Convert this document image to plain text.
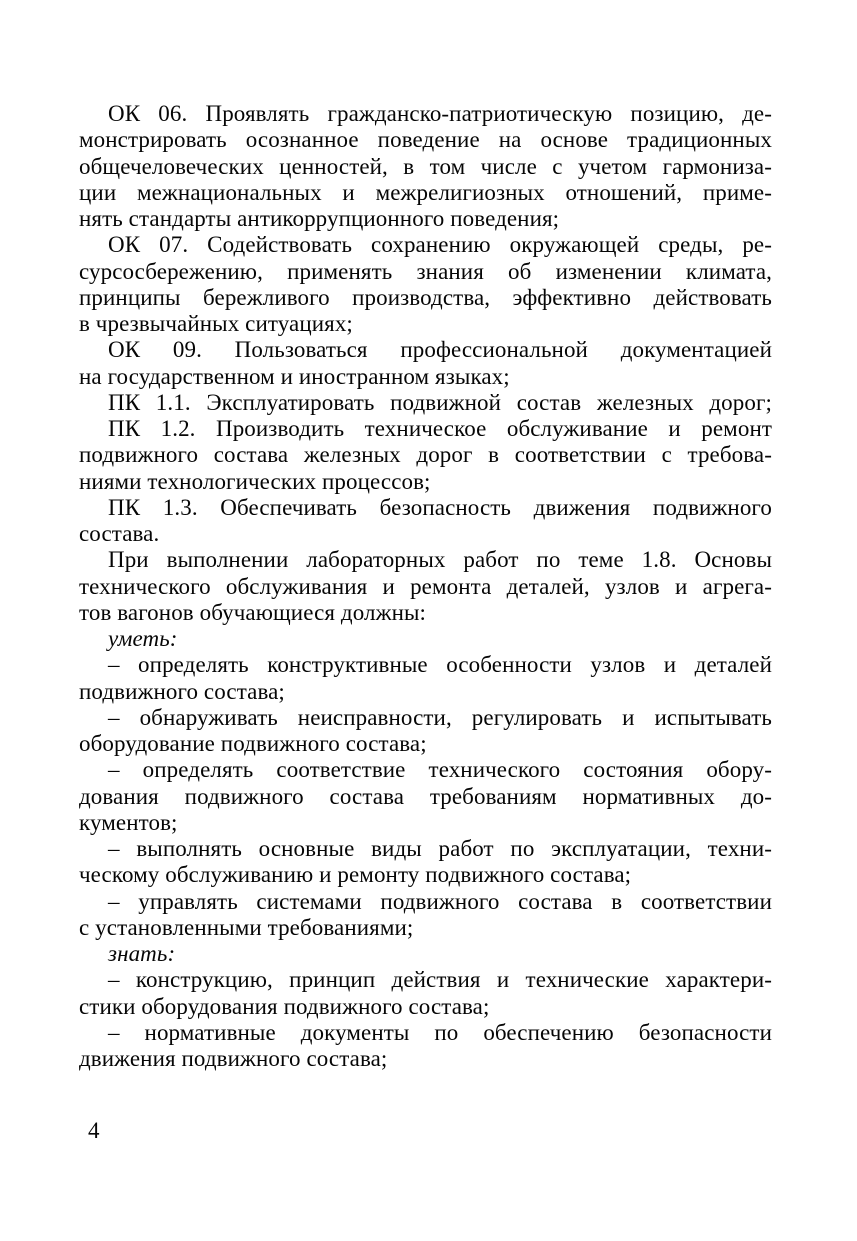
ОК 06. Проявлять гражданско-патриотическую позицию, де-
монстрировать осознанное поведение на основе традиционных
общечеловеческих ценностей, в том числе с учетом гармониза-
ции межнациональных и межрелигиозных отношений, приме-
нять стандарты антикоррупционного поведения;

ОК 07. Содействовать сохранению окружающей среды, ре-
сурсосбережению, применять знания об изменении климата,
принципы бережливого производства, эффективно действовать
в чрезвычайных ситуациях;

ОК 09. Пользоваться профессиональной документацией
на государственном и иностранном языках;

ПК 1.1. Эксплуатировать подвижной состав железных дорог;

ПК 1.2. Производить техническое обслуживание и ремонт
подвижного состава железных дорог в соответствии с требова-
ниями технологических процессов;

ПК 1.3. Обеспечивать безопасность движения подвижного
состава.

При выполнении лабораторных работ по теме 1.8. Основы
технического обслуживания и ремонта деталей, узлов и агрега-
тов вагонов обучающиеся должны:

уметь:

– определять конструктивные особенности узлов и деталей
подвижного состава;

– обнаруживать неисправности, регулировать и испытывать
оборудование подвижного состава;

– определять соответствие технического состояния обору-
дования подвижного состава требованиям нормативных до-
кументов;

– выполнять основные виды работ по эксплуатации, техни-
ческому обслуживанию и ремонту подвижного состава;

– управлять системами подвижного состава в соответствии
с установленными требованиями;

знать:

– конструкцию, принцип действия и технические характери-
стики оборудования подвижного состава;

– нормативные документы по обеспечению безопасности
движения подвижного состава;

4
